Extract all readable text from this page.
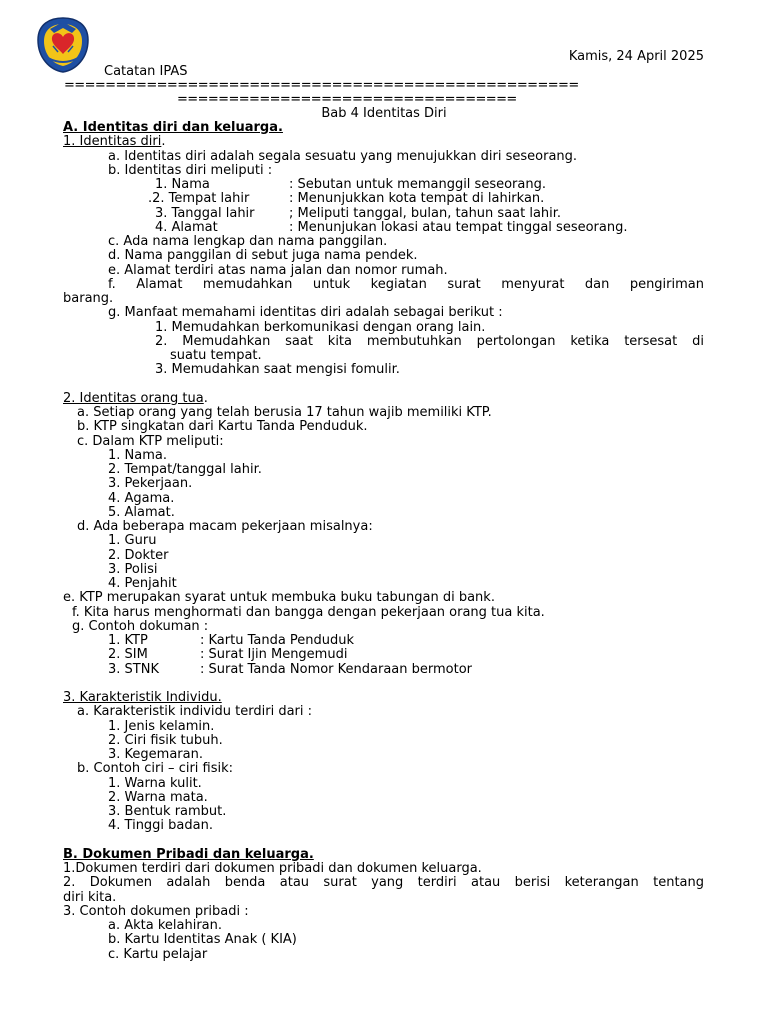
Kamis, 24 April 2025
Catatan IPAS
==================================================
=================================
Bab 4 Identitas Diri
A. Identitas diri dan keluarga.
1. Identitas diri.
a. Identitas diri adalah segala sesuatu yang menujukkan diri seseorang.
b. Identitas diri meliputi :
1. Nama	: Sebutan untuk memanggil seseorang.
.2. Tempat lahir	: Menunjukkan kota tempat di lahirkan.
3. Tanggal lahir	; Meliputi tanggal, bulan, tahun saat lahir.
4. Alamat	: Menunjukan lokasi atau tempat tinggal seseorang.
c. Ada nama lengkap dan nama panggilan.
d. Nama panggilan di sebut juga nama pendek.
e. Alamat terdiri atas nama jalan dan nomor rumah.
f. Alamat memudahkan untuk kegiatan surat menyurat dan pengiriman
barang.
g. Manfaat memahami identitas diri adalah sebagai berikut :
1. Memudahkan berkomunikasi dengan orang lain.
2. Memudahkan saat kita membutuhkan pertolongan ketika tersesat di
suatu tempat.
3. Memudahkan saat mengisi fomulir.
2. Identitas orang tua.
a. Setiap orang yang telah berusia 17 tahun wajib memiliki KTP.
b. KTP singkatan dari Kartu Tanda Penduduk.
c. Dalam KTP meliputi:
1. Nama.
2. Tempat/tanggal lahir.
3. Pekerjaan.
4. Agama.
5. Alamat.
d. Ada beberapa macam pekerjaan misalnya:
1. Guru
2. Dokter
3. Polisi
4. Penjahit
e. KTP merupakan syarat untuk membuka buku tabungan di bank.
f. Kita harus menghormati dan bangga dengan pekerjaan orang tua kita.
g. Contoh dokuman :
1. KTP	: Kartu Tanda Penduduk
2. SIM	: Surat Ijin Mengemudi
3. STNK	: Surat Tanda Nomor Kendaraan bermotor
3. Karakteristik Individu.
a. Karakteristik individu terdiri dari :
1. Jenis kelamin.
2. Ciri fisik tubuh.
3. Kegemaran.
b. Contoh ciri – ciri fisik:
1. Warna kulit.
2. Warna mata.
3. Bentuk rambut.
4. Tinggi badan.
B. Dokumen Pribadi dan keluarga.
1.Dokumen terdiri dari dokumen pribadi dan dokumen keluarga.
2. Dokumen adalah benda atau surat yang terdiri atau berisi keterangan tentang
diri kita.
3. Contoh dokumen pribadi :
a. Akta kelahiran.
b. Kartu Identitas Anak ( KIA)
c. Kartu pelajar
